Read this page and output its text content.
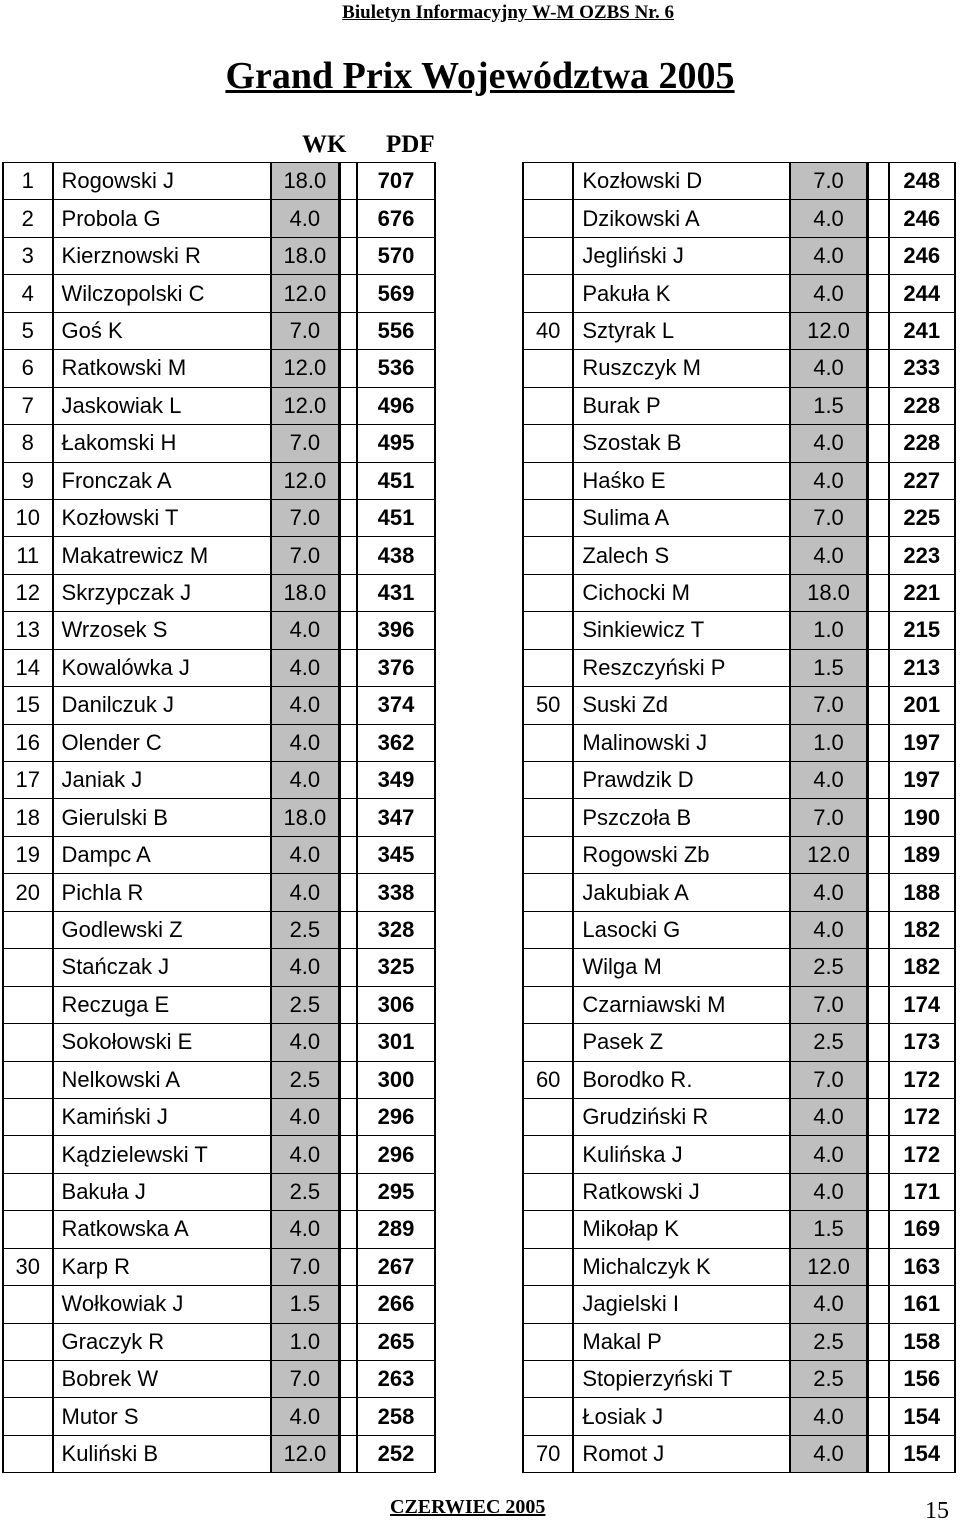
Biuletyn Informacyjny W-M OZBS Nr. 6
Grand Prix Województwa 2005
WK PDF
1	Rogowski J	18.0		707
2	Probola G	4.0		676
3	Kierznowski R	18.0		570
4	Wilczopolski C	12.0		569
5	Goś K	7.0		556
6	Ratkowski M	12.0		536
7	Jaskowiak L	12.0		496
8	Łakomski H	7.0		495
9	Fronczak A	12.0		451
10	Kozłowski T	7.0		451
11	Makatrewicz M	7.0		438
12	Skrzypczak J	18.0		431
13	Wrzosek S	4.0		396
14	Kowalówka J	4.0		376
15	Danilczuk J	4.0		374
16	Olender C	4.0		362
17	Janiak J	4.0		349
18	Gierulski B	18.0		347
19	Dampc A	4.0		345
20	Pichla R	4.0		338
	Godlewski Z	2.5		328
	Stańczak J	4.0		325
	Reczuga E	2.5		306
	Sokołowski E	4.0		301
	Nelkowski A	2.5		300
	Kamiński J	4.0		296
	Kądzielewski T	4.0		296
	Bakuła J	2.5		295
	Ratkowska A	4.0		289
30	Karp R	7.0		267
	Wołkowiak J	1.5		266
	Graczyk R	1.0		265
	Bobrek W	7.0		263
	Mutor S	4.0		258
	Kuliński B	12.0		252
	Kozłowski D	7.0		248
	Dzikowski A	4.0		246
	Jegliński J	4.0		246
	Pakuła K	4.0		244
40	Sztyrak L	12.0		241
	Ruszczyk M	4.0		233
	Burak P	1.5		228
	Szostak B	4.0		228
	Haśko E	4.0		227
	Sulima A	7.0		225
	Zalech S	4.0		223
	Cichocki M	18.0		221
	Sinkiewicz T	1.0		215
	Reszczyński P	1.5		213
50	Suski Zd	7.0		201
	Malinowski J	1.0		197
	Prawdzik D	4.0		197
	Pszczoła B	7.0		190
	Rogowski Zb	12.0		189
	Jakubiak A	4.0		188
	Lasocki G	4.0		182
	Wilga M	2.5		182
	Czarniawski M	7.0		174
	Pasek Z	2.5		173
60	Borodko R.	7.0		172
	Grudziński R	4.0		172
	Kulińska J	4.0		172
	Ratkowski J	4.0		171
	Mikołap K	1.5		169
	Michalczyk K	12.0		163
	Jagielski I	4.0		161
	Makal P	2.5		158
	Stopierzyński T	2.5		156
	Łosiak J	4.0		154
70	Romot J	4.0		154
CZERWIEC 2005	15
